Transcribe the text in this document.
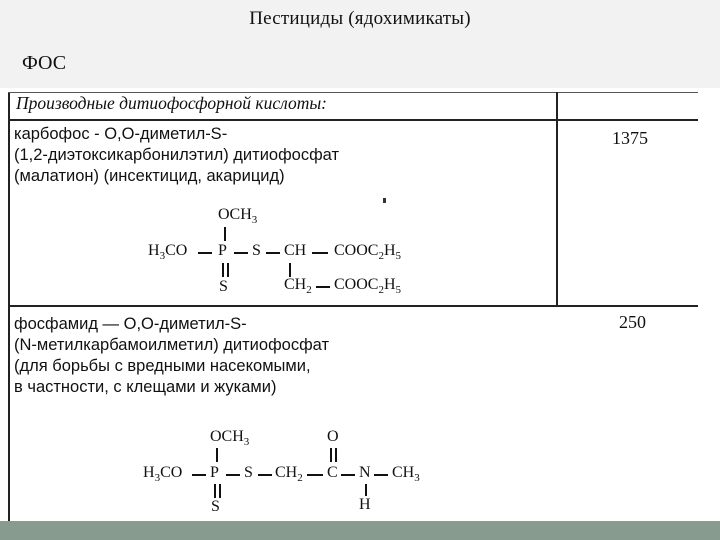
Пестициды (ядохимикаты)
ФОС
Производные дитиофосфорной кислоты:
карбофос - О,О-диметил-S-
(1,2-диэтоксикарбонилэтил) дитиофосфат
(малатион) (инсектицид, акарицид)
1375
$OCH_3$
$H_3CO$ P S CH $COOC_2H_5$
S	$CH_2$ $COOC_2H_5$
фосфамид — О,О-диметил-S-
(N-метилкарбамоилметил) дитиофосфат
(для борьбы с вредными насекомыми,
в частности, с клещами и жуками)
250
$OCH_3$	O
$H_3CO$ P S $CH_2$ C N $CH_3$
S	H
